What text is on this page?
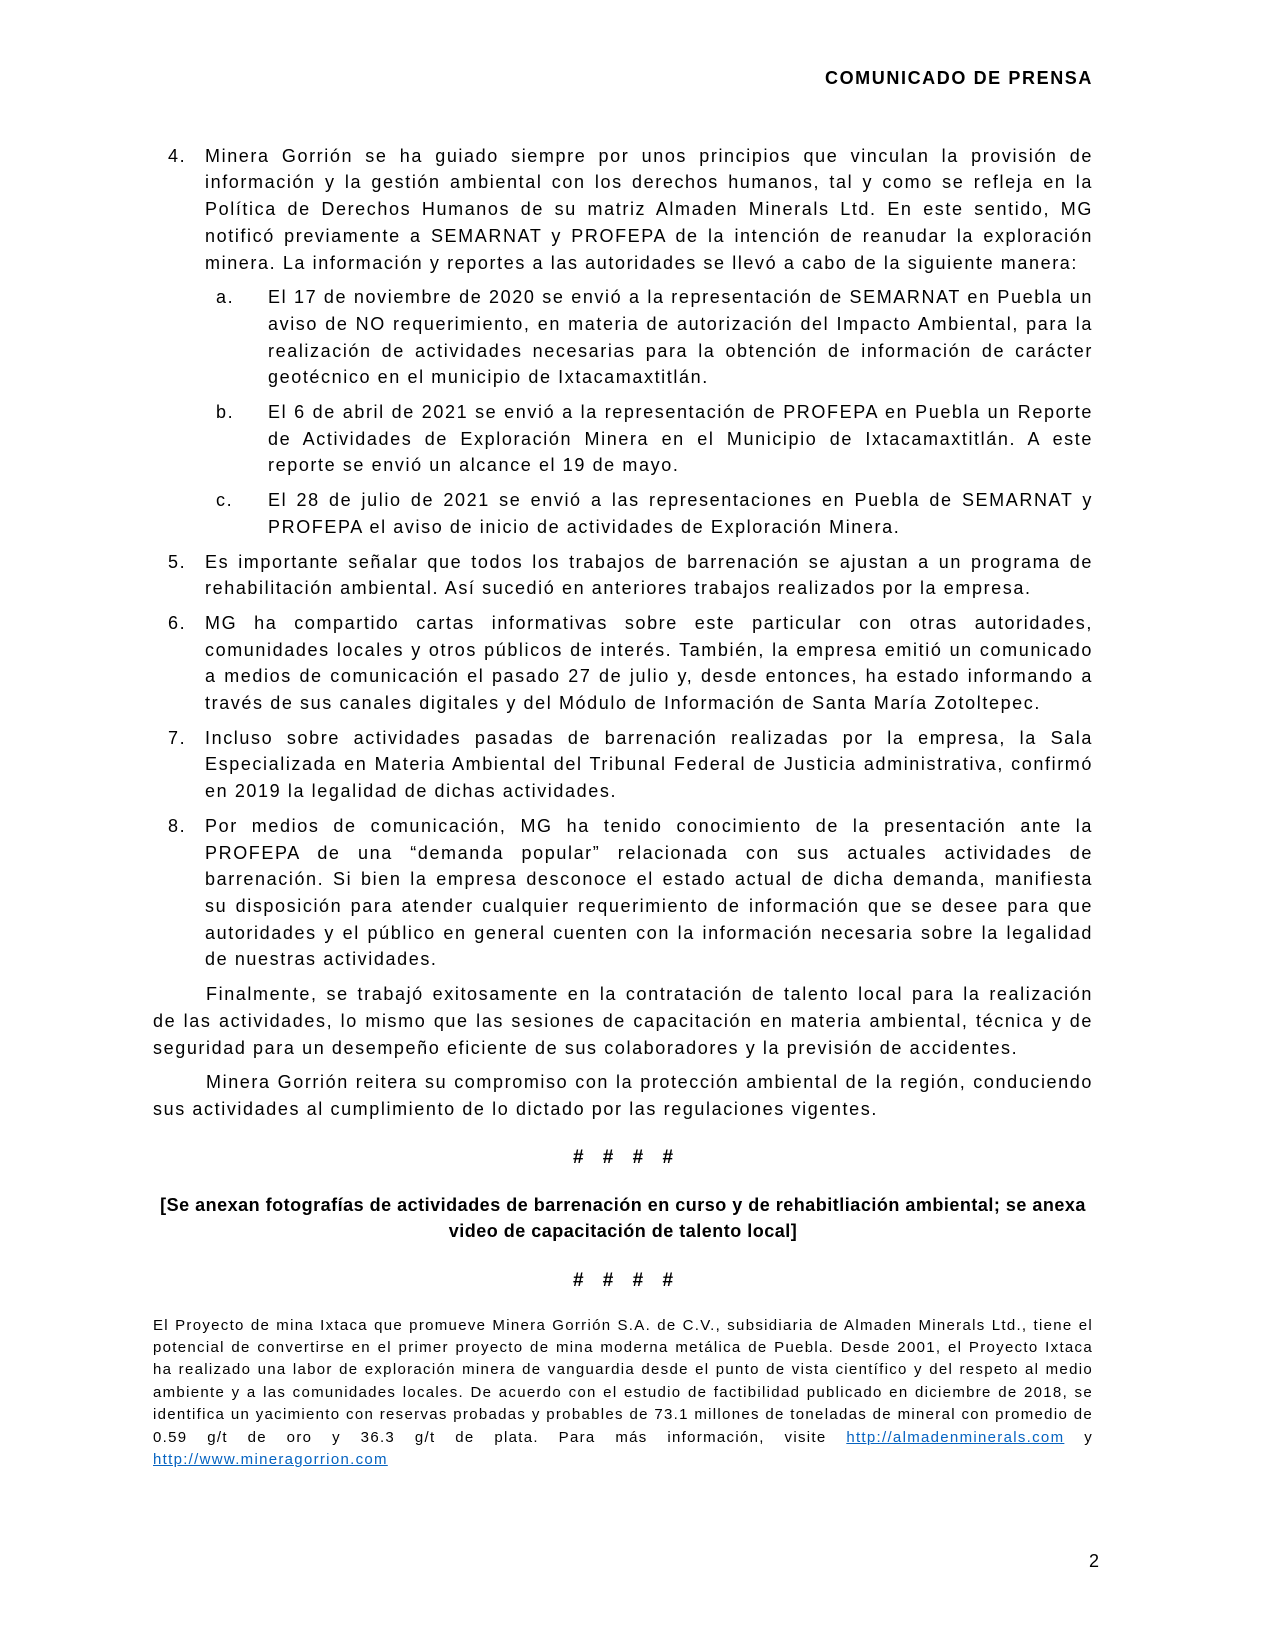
COMUNICADO DE PRENSA
4. Minera Gorrión se ha guiado siempre por unos principios que vinculan la provisión de información y la gestión ambiental con los derechos humanos, tal y como se refleja en la Política de Derechos Humanos de su matriz Almaden Minerals Ltd. En este sentido, MG notificó previamente a SEMARNAT y PROFEPA de la intención de reanudar la exploración minera. La información y reportes a las autoridades se llevó a cabo de la siguiente manera:
a. El 17 de noviembre de 2020 se envió a la representación de SEMARNAT en Puebla un aviso de NO requerimiento, en materia de autorización del Impacto Ambiental, para la realización de actividades necesarias para la obtención de información de carácter geotécnico en el municipio de Ixtacamaxtitlán.
b. El 6 de abril de 2021 se envió a la representación de PROFEPA en Puebla un Reporte de Actividades de Exploración Minera en el Municipio de Ixtacamaxtitlán. A este reporte se envió un alcance el 19 de mayo.
c. El 28 de julio de 2021 se envió a las representaciones en Puebla de SEMARNAT y PROFEPA el aviso de inicio de actividades de Exploración Minera.
5. Es importante señalar que todos los trabajos de barrenación se ajustan a un programa de rehabilitación ambiental. Así sucedió en anteriores trabajos realizados por la empresa.
6. MG ha compartido cartas informativas sobre este particular con otras autoridades, comunidades locales y otros públicos de interés. También, la empresa emitió un comunicado a medios de comunicación el pasado 27 de julio y, desde entonces, ha estado informando a través de sus canales digitales y del Módulo de Información de Santa María Zotoltepec.
7. Incluso sobre actividades pasadas de barrenación realizadas por la empresa, la Sala Especializada en Materia Ambiental del Tribunal Federal de Justicia administrativa, confirmó en 2019 la legalidad de dichas actividades.
8. Por medios de comunicación, MG ha tenido conocimiento de la presentación ante la PROFEPA de una “demanda popular” relacionada con sus actuales actividades de barrenación. Si bien la empresa desconoce el estado actual de dicha demanda, manifiesta su disposición para atender cualquier requerimiento de información que se desee para que autoridades y el público en general cuenten con la información necesaria sobre la legalidad de nuestras actividades.
Finalmente, se trabajó exitosamente en la contratación de talento local para la realización de las actividades, lo mismo que las sesiones de capacitación en materia ambiental, técnica y de seguridad para un desempeño eficiente de sus colaboradores y la previsión de accidentes.
Minera Gorrión reitera su compromiso con la protección ambiental de la región, conduciendo sus actividades al cumplimiento de lo dictado por las regulaciones vigentes.
# # # #
[Se anexan fotografías de actividades de barrenación en curso y de rehabitliación ambiental; se anexa video de capacitación de talento local]
# # # #
El Proyecto de mina Ixtaca que promueve Minera Gorrión S.A. de C.V., subsidiaria de Almaden Minerals Ltd., tiene el potencial de convertirse en el primer proyecto de mina moderna metálica de Puebla. Desde 2001, el Proyecto Ixtaca ha realizado una labor de exploración minera de vanguardia desde el punto de vista científico y del respeto al medio ambiente y a las comunidades locales. De acuerdo con el estudio de factibilidad publicado en diciembre de 2018, se identifica un yacimiento con reservas probadas y probables de 73.1 millones de toneladas de mineral con promedio de 0.59 g/t de oro y 36.3 g/t de plata. Para más información, visite http://almadenminerals.com y http://www.mineragorrion.com
2
